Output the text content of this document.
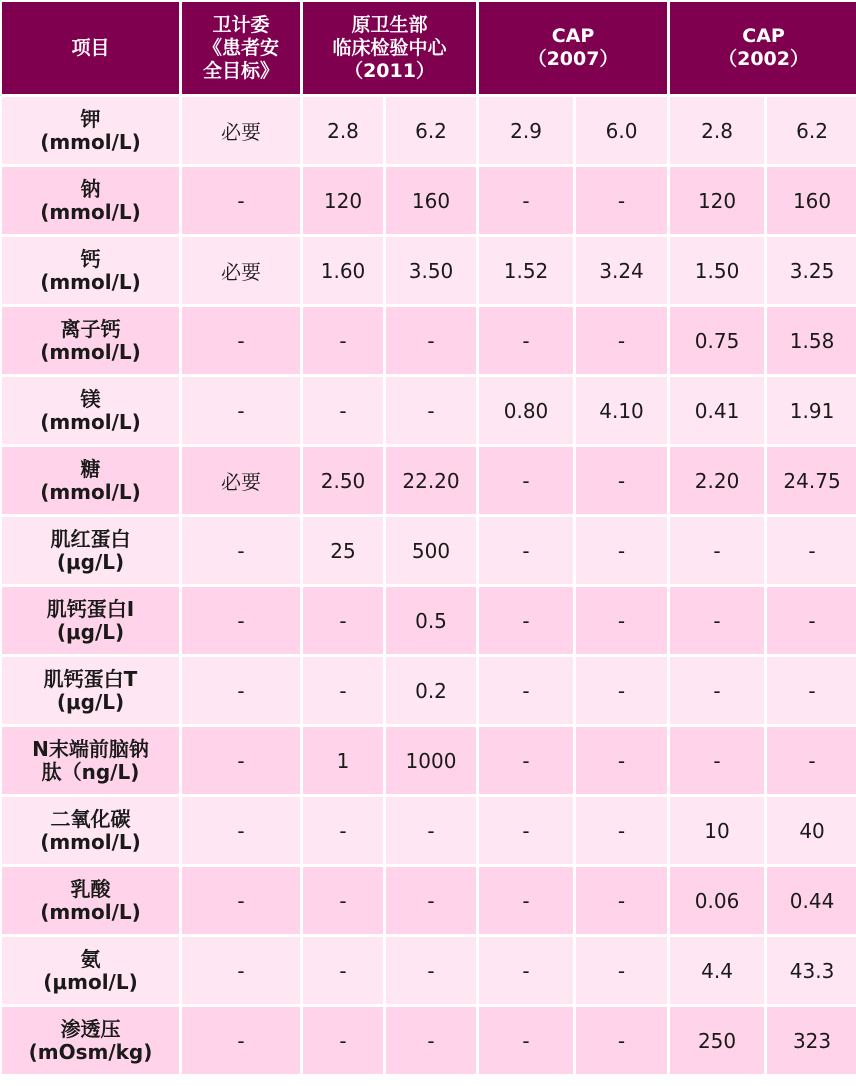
项目	卫计委
《患者安
全目标》	原卫生部
临床检验中心
（2011）		CAP
（2007）		CAP
（2002）	

钾
(mmol/L)	必要	2.8	6.2	2.9	6.0	2.8	6.2

钠
(mmol/L)	-	120	160	-	-	120	160

钙
(mmol/L)	必要	1.60	3.50	1.52	3.24	1.50	3.25

离子钙
(mmol/L)	-	-	-	-	-	0.75	1.58

镁
(mmol/L)	-	-	-	0.80	4.10	0.41	1.91

糖
(mmol/L)	必要	2.50	22.20	-	-	2.20	24.75

肌红蛋白
(μg/L)	-	25	500	-	-	-	-

肌钙蛋白I
(μg/L)	-	-	0.5	-	-	-	-

肌钙蛋白T
(μg/L)	-	-	0.2	-	-	-	-

N末端前脑钠
肽（ng/L)	-	1	1000	-	-	-	-

二氧化碳
(mmol/L)	-	-	-	-	-	10	40

乳酸
(mmol/L)	-	-	-	-	-	0.06	0.44

氨
(μmol/L)	-	-	-	-	-	4.4	43.3

渗透压
(mOsm/kg)	-	-	-	-	-	250	323
